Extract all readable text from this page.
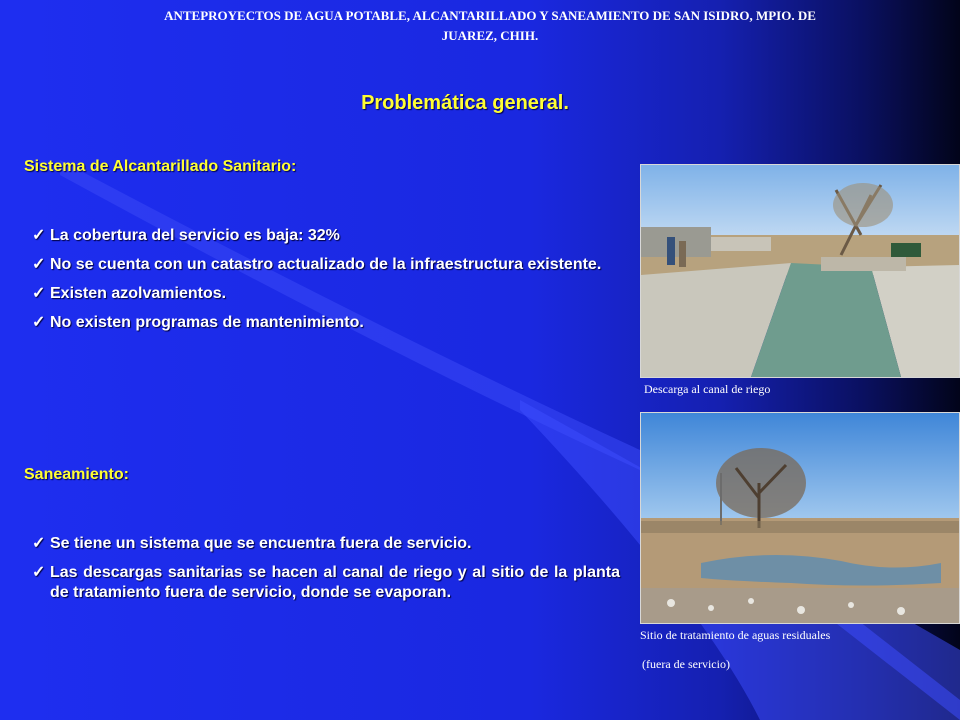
ANTEPROYECTOS DE AGUA POTABLE, ALCANTARILLADO Y SANEAMIENTO DE SAN ISIDRO, MPIO. DE
JUAREZ, CHIH.
Problemática general.
Sistema de Alcantarillado Sanitario:
✓ La cobertura del servicio es baja: 32%
✓ No se cuenta con un catastro actualizado de la infraestructura existente.
✓ Existen azolvamientos.
✓ No existen programas de mantenimiento.
Saneamiento:
✓ Se tiene un sistema que se encuentra fuera de servicio.
✓ Las descargas sanitarias se hacen al canal de riego y al sitio de la planta de tratamiento fuera de servicio, donde se evaporan.
Descarga al canal de riego
Sitio de tratamiento de aguas residuales
(fuera de servicio)
